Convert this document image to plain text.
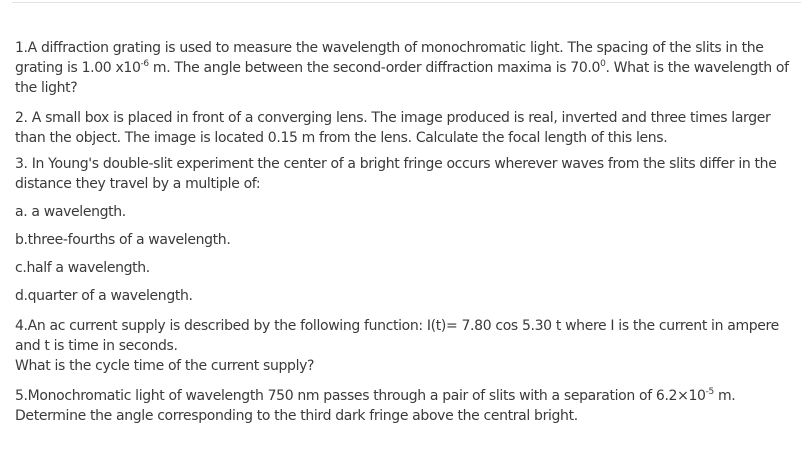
1.A diffraction grating is used to measure the wavelength of monochromatic light. The spacing of the slits in the grating is 1.00 $x10^{-6}$ m. The angle between the second-order diffraction maxima is 70.0$^0$. What is the wavelength of the light?

2. A small box is placed in front of a converging lens. The image produced is real, inverted and three times larger than the object. The image is located 0.15 m from the lens. Calculate the focal length of this lens.

3. In Young's double-slit experiment the center of a bright fringe occurs wherever waves from the slits differ in the distance they travel by a multiple of:

a. a wavelength.

b.three-fourths of a wavelength.

c.half a wavelength.

d.quarter of a wavelength.

4.An ac current supply is described by the following function: I(t)= 7.80 cos 5.30 t where I is the current in ampere and t is time in seconds.

What is the cycle time of the current supply?

5.Monochromatic light of wavelength 750 nm passes through a pair of slits with a separation of $6.2\times 10^{-5}$ m. Determine the angle corresponding to the third dark fringe above the central bright.
